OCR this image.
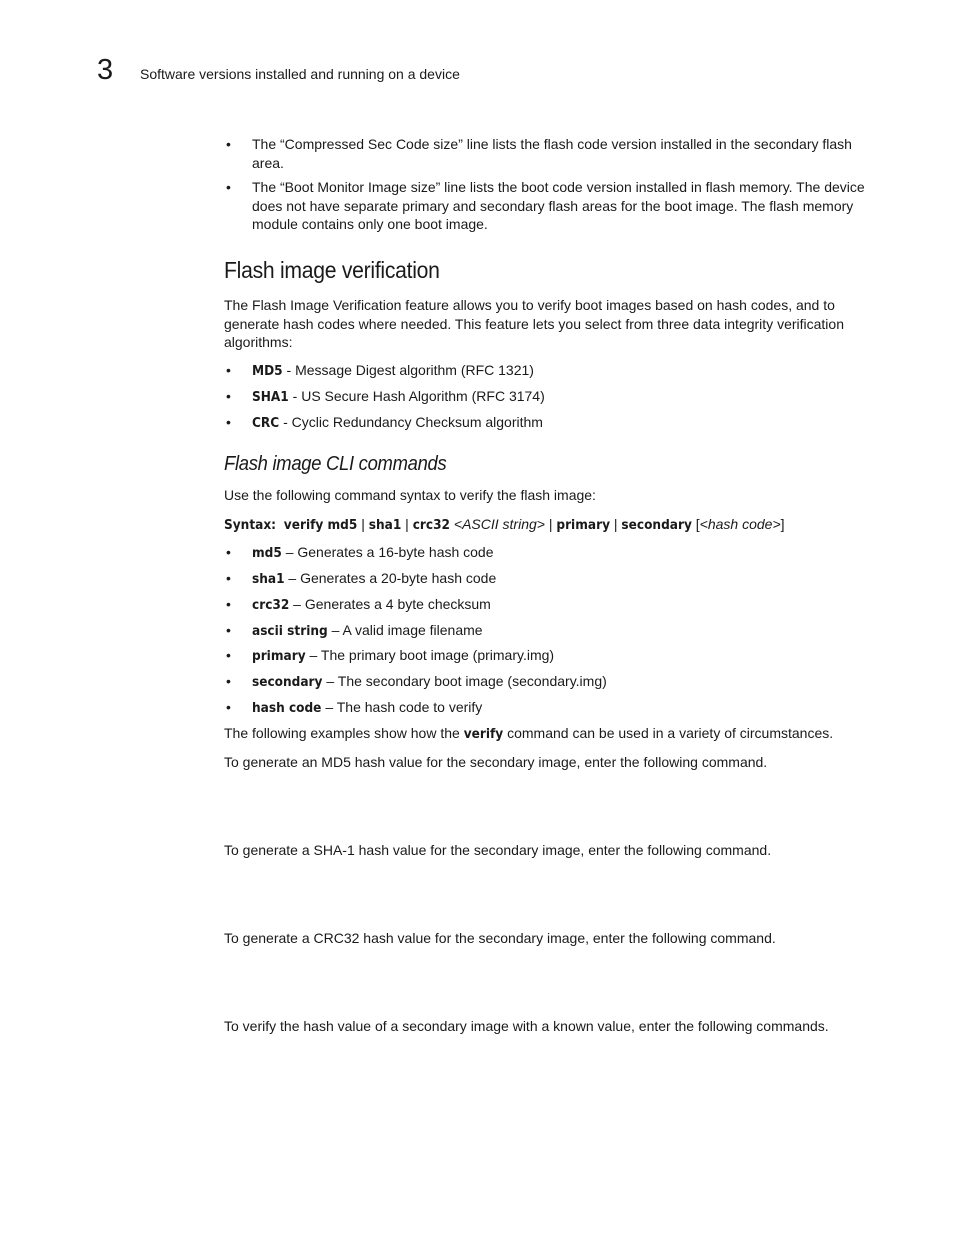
3 Software versions installed and running on a device
• The “Compressed Sec Code size” line lists the flash code version installed in the secondary flash area.
• The “Boot Monitor Image size” line lists the boot code version installed in flash memory. The device does not have separate primary and secondary flash areas for the boot image. The flash memory module contains only one boot image.
Flash image verification

The Flash Image Verification feature allows you to verify boot images based on hash codes, and to generate hash codes where needed. This feature lets you select from three data integrity verification algorithms:

• MD5 - Message Digest algorithm (RFC 1321)
• SHA1 - US Secure Hash Algorithm (RFC 3174)
• CRC - Cyclic Redundancy Checksum algorithm
Flash image CLI commands

Use the following command syntax to verify the flash image:

Syntax: verify md5 | sha1 | crc32 <ASCII string> | primary | secondary [<hash code>]

• md5 – Generates a 16-byte hash code
• sha1 – Generates a 20-byte hash code
• crc32 – Generates a 4 byte checksum
• ascii string – A valid image filename
• primary – The primary boot image (primary.img)
• secondary – The secondary boot image (secondary.img)
• hash code – The hash code to verify

The following examples show how the verify command can be used in a variety of circumstances.

To generate an MD5 hash value for the secondary image, enter the following command.

To generate a SHA-1 hash value for the secondary image, enter the following command.

To generate a CRC32 hash value for the secondary image, enter the following command.

To verify the hash value of a secondary image with a known value, enter the following commands.
